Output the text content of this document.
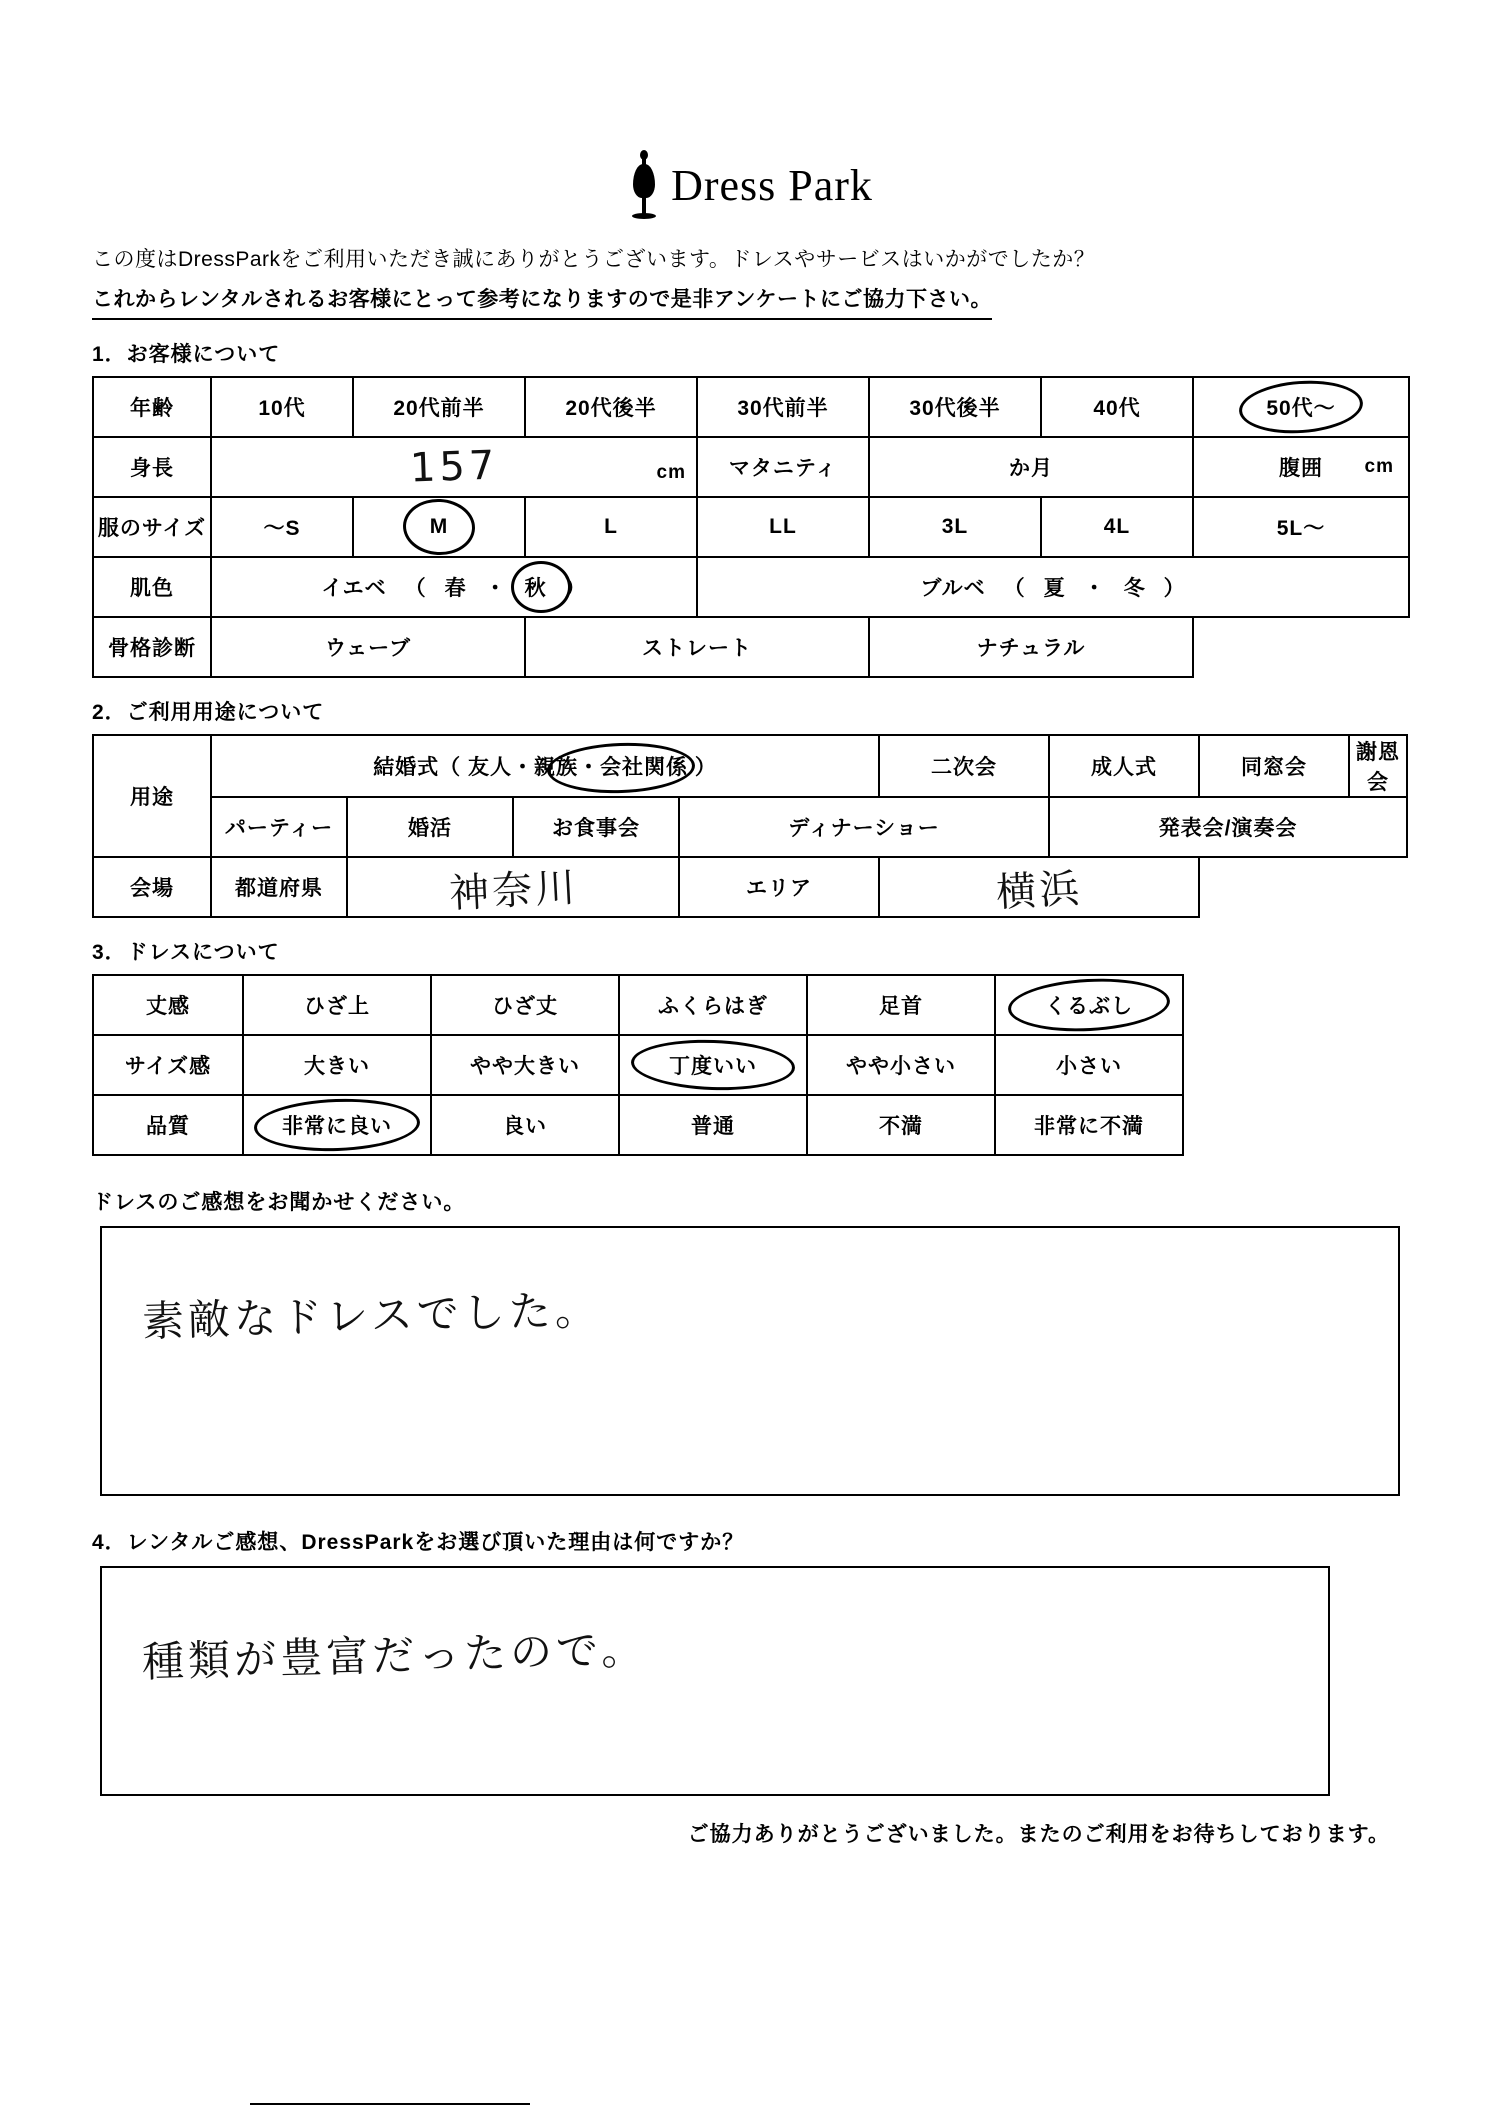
Dress Park
この度はDressParkをご利用いただき誠にありがとうございます。ドレスやサービスはいかがでしたか？
これからレンタルされるお客様にとって参考になりますので是非アンケートにご協力下さい。
1．お客様について
年齢	10代	20代前半	20代後半	30代前半	30代後半	40代	50代～

身長	157 cm			マタニティ	か月		腹囲 cm

服のサイズ	～S	M	L	LL	3L	4L	5L～
肌色	イエベ （ 春 ・ 秋 ）	ブルベ （ 夏 ・ 冬 ）

骨格診断	ウェーブ		ストレート		ナチュラル		
2．ご利用用途について
用途	結婚式（ 友人・親族・会社関係 ）				二次会	成人式	同窓会	謝恩会
	パーティー	婚活	お食事会	ディナーショー		発表会/演奏会		
会場	都道府県	神奈川		エリア	横浜			
3．ドレスについて
丈感	ひざ上	ひざ丈	ふくらはぎ	足首	くるぶし

サイズ感	大きい	やや大きい	丁度いい	やや小さい	小さい
品質	非常に良い	良い	普通	不満	非常に不満
ドレスのご感想をお聞かせください。
素敵なドレスでした。
4．レンタルご感想、DressParkをお選び頂いた理由は何ですか？
種類が豊富だったので。
ご協力ありがとうございました。またのご利用をお待ちしております。
